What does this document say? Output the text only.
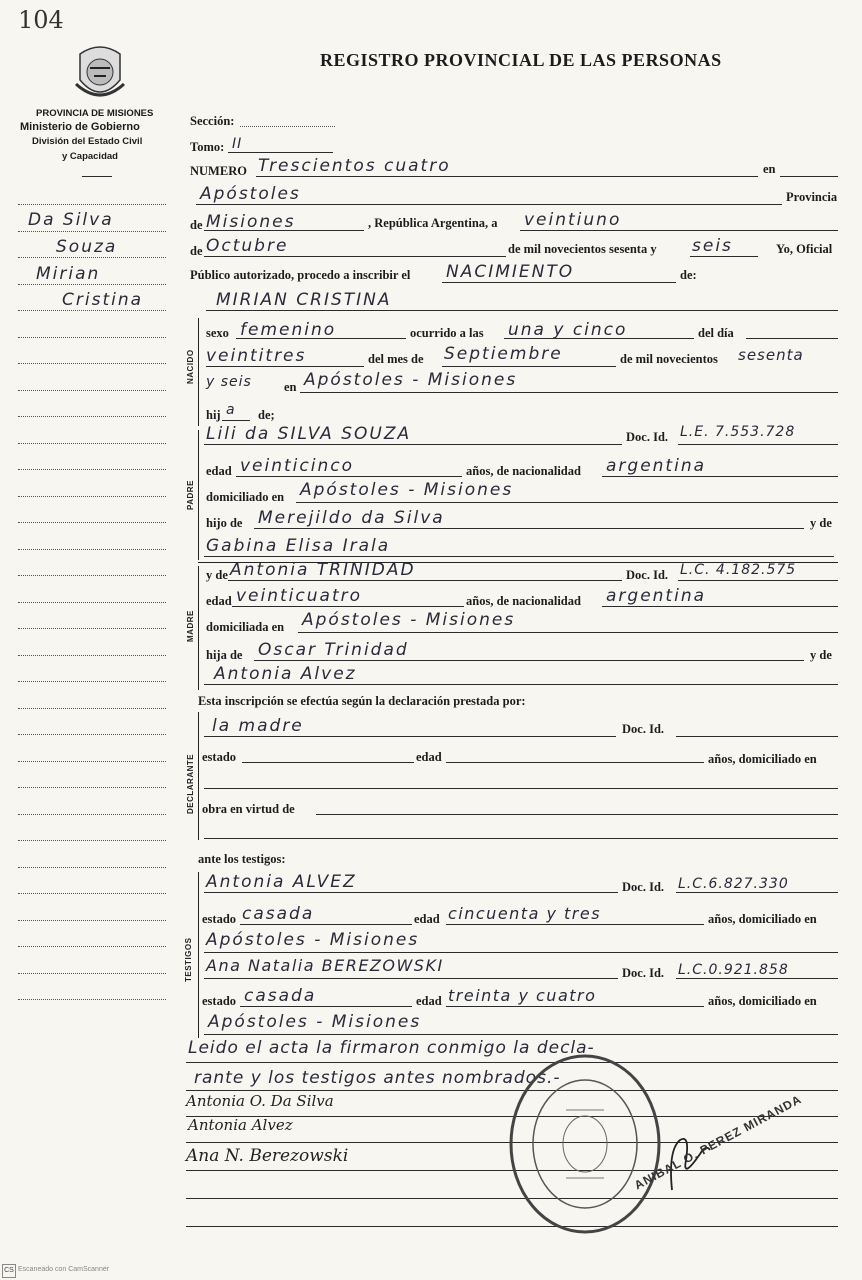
104
REGISTRO PROVINCIAL DE LAS PERSONAS
PROVINCIA DE MISIONES
Ministerio de Gobierno
División del Estado Civil
y Capacidad
Da Silva
Souza
Mirian
Cristina
Sección:
Tomo: II
NUMERO Trescientos cuatro	en
Apóstoles	Provincia
de Misiones	, República Argentina, a veintiuno
de Octubre	de mil novecientos sesenta y seis	Yo, Oficial
Público autorizado, procedo a inscribir el NACIMIENTO	de:
NACIDO
MIRIAN CRISTINA
sexo femenino	ocurrido a las una y cinco	del día
veintitres	del mes de Septiembre	de mil novecientos sesenta
y seis	en Apóstoles - Misiones
hij a de;
PADRE
Lili da SILVA SOUZA	Doc. Id. L.E. 7.553.728
edad veinticinco	años, de nacionalidad argentina
domiciliado en Apóstoles - Misiones
hijo de Merejildo da Silva	y de
Gabina Elisa Irala
MADRE
y de Antonia TRINIDAD	Doc. Id. L.C. 4.182.575
edad veinticuatro	años, de nacionalidad argentina
domiciliada en Apóstoles - Misiones
hija de Oscar Trinidad	y de
Antonia Alvez
Esta inscripción se efectúa según la declaración prestada por:
DECLARANTE
la madre	Doc. Id.
estado	edad	años, domiciliado en
obra en virtud de
ante los testigos:
TESTIGOS
Antonia ALVEZ	Doc. Id. L.C.6.827.330
estado casada	edad cincuenta y tres	años, domiciliado en
Apóstoles - Misiones
Ana Natalia BEREZOWSKI	Doc. Id. L.C.0.921.858
estado casada	edad treinta y cuatro	años, domiciliado en
Apóstoles - Misiones
Leido el acta la firmaron conmigo la decla-
rante y los testigos antes nombrados.-
Antonia O. Da Silva
Antonia Alvez
Ana N. Berezowski	ANIBAL O. PEREZ MIRANDA
CS Escaneado con CamScanner
